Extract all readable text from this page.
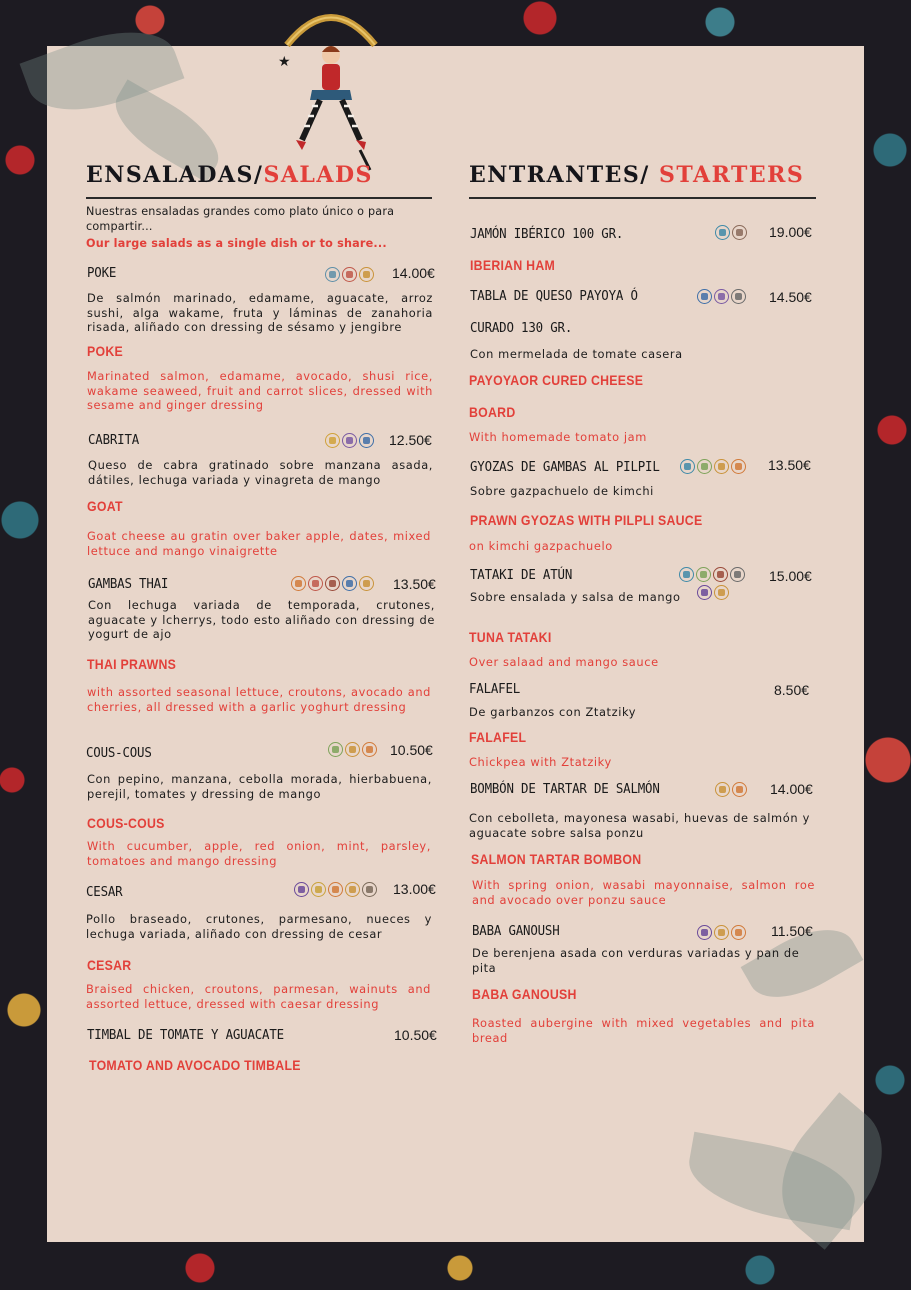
★
ENSALADAS/SALADS
Nuestras ensaladas grandes como plato único o para compartir...
Our large salads as a single dish or to share...
POKE	14.00€
De salmón marinado, edamame, aguacate, arroz sushi, alga wakame, fruta y láminas de zanahoria risada, aliñado con dressing de sésamo y jengibre
POKE
Marinated salmon, edamame, avocado, shusi rice, wakame seaweed, fruit and carrot slices, dressed with sesame and ginger dressing
CABRITA	12.50€
Queso de cabra gratinado sobre manzana asada, dátiles, lechuga variada y vinagreta de mango
GOAT
Goat cheese au gratin over baker apple, dates, mixed lettuce and mango vinaigrette
GAMBAS THAI	13.50€
Con lechuga variada de temporada, crutones, aguacate y lcherrys, todo esto aliñado con dressing de yogurt de ajo
THAI PRAWNS
with assorted seasonal lettuce, croutons, avocado and cherries, all dressed with a garlic yoghurt dressing
COUS-COUS	10.50€
Con pepino, manzana, cebolla morada, hierbabuena, perejil, tomates y dressing de mango
COUS-COUS
With cucumber, apple, red onion, mint, parsley, tomatoes and mango dressing
CESAR	13.00€
Pollo braseado, crutones, parmesano, nueces y lechuga variada, aliñado con dressing de cesar
CESAR
Braised chicken, croutons, parmesan, wainuts and assorted lettuce, dressed with caesar dressing
TIMBAL DE TOMATE Y AGUACATE	10.50€
TOMATO AND AVOCADO TIMBALE
ENTRANTES/ STARTERS
JAMÓN IBÉRICO 100 GR.	19.00€
IBERIAN HAM
TABLA DE QUESO PAYOYA Ó	14.50€
CURADO 130 GR.
Con mermelada de tomate casera
PAYOYAOR CURED CHEESE
BOARD
With homemade tomato jam
GYOZAS DE GAMBAS AL PILPIL	13.50€
Sobre gazpachuelo de kimchi
PRAWN GYOZAS WITH PILPLI SAUCE
on kimchi gazpachuelo
TATAKI DE ATÚN	15.00€
Sobre ensalada y salsa de mango
TUNA TATAKI
Over salaad and mango sauce
FALAFEL	8.50€
De garbanzos con Ztatziky
FALAFEL
Chickpea with Ztatziky
BOMBÓN DE TARTAR DE SALMÓN	14.00€
Con cebolleta, mayonesa wasabi, huevas de salmón y aguacate sobre salsa ponzu
SALMON TARTAR BOMBON
With spring onion, wasabi mayonnaise, salmon roe and avocado over ponzu sauce
BABA GANOUSH	11.50€
De berenjena asada con verduras variadas y pan de pita
BABA GANOUSH
Roasted aubergine with mixed vegetables and pita bread
